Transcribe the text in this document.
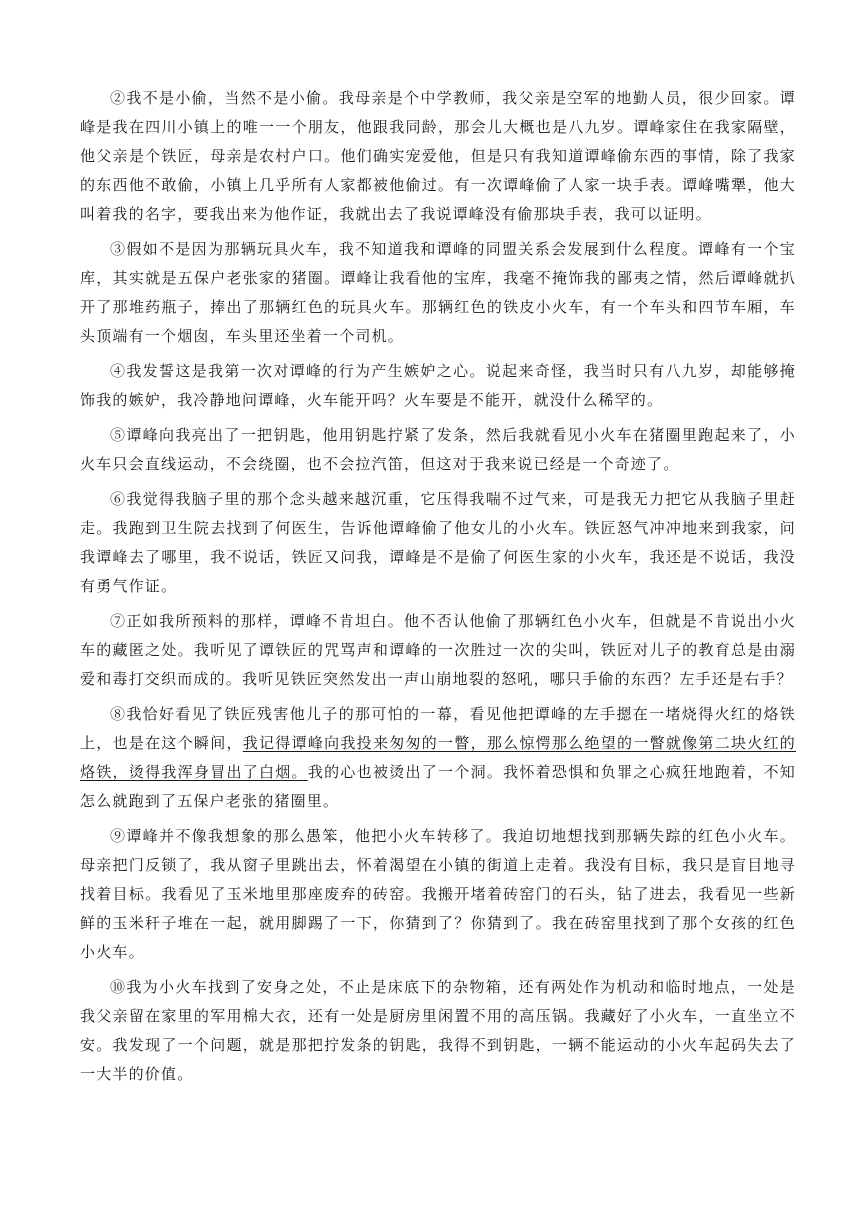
②我不是小偷，当然不是小偷。我母亲是个中学教师，我父亲是空军的地勤人员，很少回家。谭峰是我在四川小镇上的唯一一个朋友，他跟我同龄，那会儿大概也是八九岁。谭峰家住在我家隔壁，他父亲是个铁匠，母亲是农村户口。他们确实宠爱他，但是只有我知道谭峰偷东西的事情，除了我家的东西他不敢偷，小镇上几乎所有人家都被他偷过。有一次谭峰偷了人家一块手表。谭峰嘴犟，他大叫着我的名字，要我出来为他作证，我就出去了我说谭峰没有偷那块手表，我可以证明。

③假如不是因为那辆玩具火车，我不知道我和谭峰的同盟关系会发展到什么程度。谭峰有一个宝库，其实就是五保户老张家的猪圈。谭峰让我看他的宝库，我毫不掩饰我的鄙夷之情，然后谭峰就扒开了那堆药瓶子，捧出了那辆红色的玩具火车。那辆红色的铁皮小火车，有一个车头和四节车厢，车头顶端有一个烟囱，车头里还坐着一个司机。

④我发誓这是我第一次对谭峰的行为产生嫉妒之心。说起来奇怪，我当时只有八九岁，却能够掩饰我的嫉妒，我冷静地问谭峰，火车能开吗？火车要是不能开，就没什么稀罕的。

⑤谭峰向我亮出了一把钥匙，他用钥匙拧紧了发条，然后我就看见小火车在猪圈里跑起来了，小火车只会直线运动，不会绕圈，也不会拉汽笛，但这对于我来说已经是一个奇迹了。

⑥我觉得我脑子里的那个念头越来越沉重，它压得我喘不过气来，可是我无力把它从我脑子里赶走。我跑到卫生院去找到了何医生，告诉他谭峰偷了他女儿的小火车。铁匠怒气冲冲地来到我家，问我谭峰去了哪里，我不说话，铁匠又问我，谭峰是不是偷了何医生家的小火车，我还是不说话，我没有勇气作证。

⑦正如我所预料的那样，谭峰不肯坦白。他不否认他偷了那辆红色小火车，但就是不肯说出小火车的藏匿之处。我听见了谭铁匠的咒骂声和谭峰的一次胜过一次的尖叫，铁匠对儿子的教育总是由溺爱和毒打交织而成的。我听见铁匠突然发出一声山崩地裂的怒吼，哪只手偷的东西？左手还是右手？

⑧我恰好看见了铁匠残害他儿子的那可怕的一幕，看见他把谭峰的左手摁在一堵烧得火红的烙铁上，也是在这个瞬间，我记得谭峰向我投来匆匆的一瞥，那么惊愕那么绝望的一瞥就像第二块火红的烙铁，烫得我浑身冒出了白烟。我的心也被烫出了一个洞。我怀着恐惧和负罪之心疯狂地跑着，不知怎么就跑到了五保户老张的猪圈里。

⑨谭峰并不像我想象的那么愚笨，他把小火车转移了。我迫切地想找到那辆失踪的红色小火车。母亲把门反锁了，我从窗子里跳出去，怀着渴望在小镇的街道上走着。我没有目标，我只是盲目地寻找着目标。我看见了玉米地里那座废弃的砖窑。我搬开堵着砖窑门的石头，钻了进去，我看见一些新鲜的玉米秆子堆在一起，就用脚踢了一下，你猜到了？你猜到了。我在砖窑里找到了那个女孩的红色小火车。

⑩我为小火车找到了安身之处，不止是床底下的杂物箱，还有两处作为机动和临时地点，一处是我父亲留在家里的军用棉大衣，还有一处是厨房里闲置不用的高压锅。我藏好了小火车，一直坐立不安。我发现了一个问题，就是那把拧发条的钥匙，我得不到钥匙，一辆不能运动的小火车起码失去了一大半的价值。
